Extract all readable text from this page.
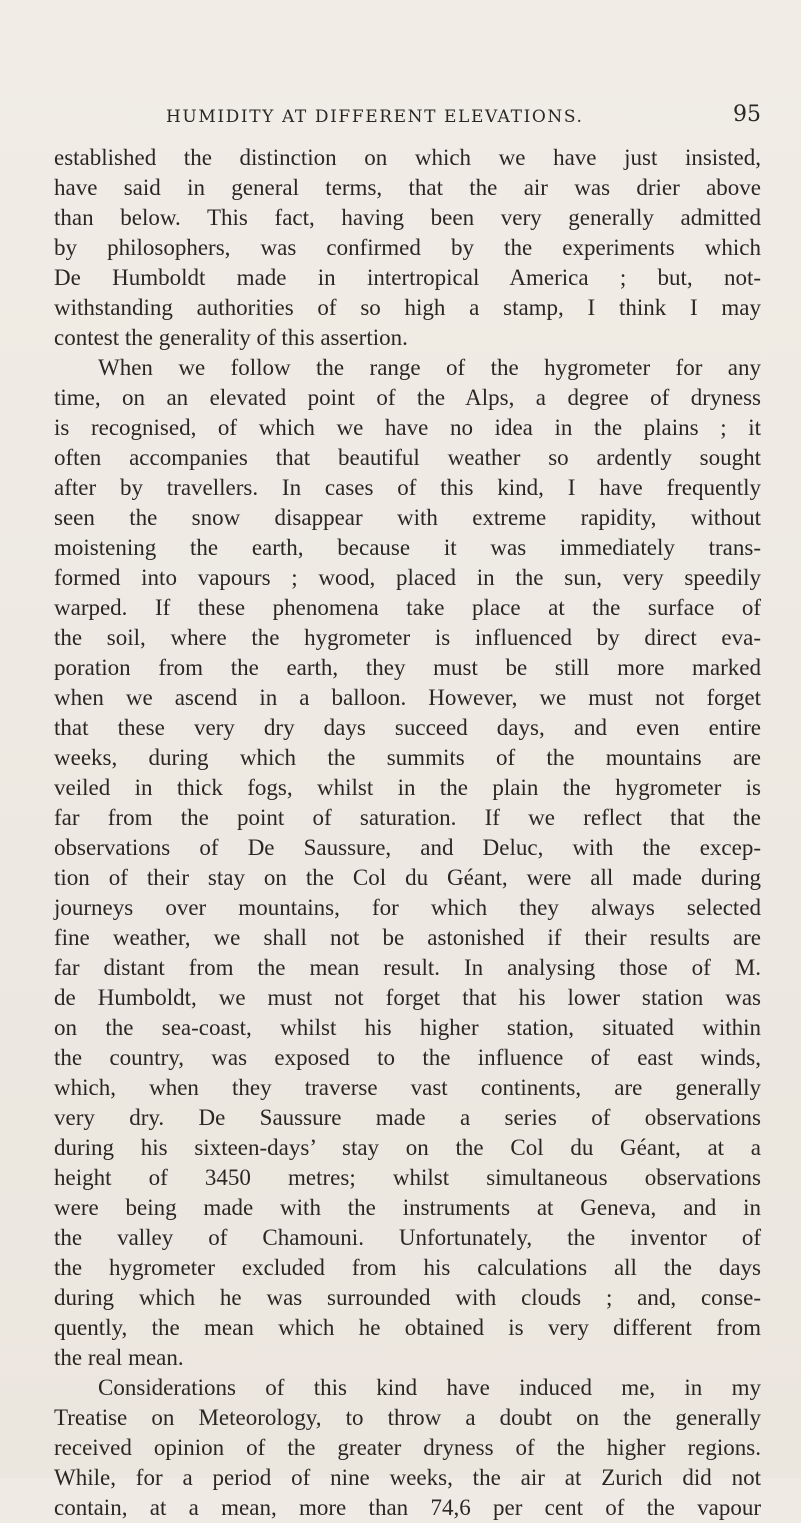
HUMIDITY AT DIFFERENT ELEVATIONS.	95
established the distinction on which we have just insisted,
have said in general terms, that the air was drier above
than below. This fact, having been very generally admitted
by philosophers, was confirmed by the experiments which
De Humboldt made in intertropical America ; but, not-
withstanding authorities of so high a stamp, I think I may
contest the generality of this assertion.
When we follow the range of the hygrometer for any
time, on an elevated point of the Alps, a degree of dryness
is recognised, of which we have no idea in the plains ; it
often accompanies that beautiful weather so ardently sought
after by travellers. In cases of this kind, I have frequently
seen the snow disappear with extreme rapidity, without
moistening the earth, because it was immediately trans-
formed into vapours ; wood, placed in the sun, very speedily
warped. If these phenomena take place at the surface of
the soil, where the hygrometer is influenced by direct eva-
poration from the earth, they must be still more marked
when we ascend in a balloon. However, we must not forget
that these very dry days succeed days, and even entire
weeks, during which the summits of the mountains are
veiled in thick fogs, whilst in the plain the hygrometer is
far from the point of saturation. If we reflect that the
observations of De Saussure, and Deluc, with the excep-
tion of their stay on the Col du Géant, were all made during
journeys over mountains, for which they always selected
fine weather, we shall not be astonished if their results are
far distant from the mean result. In analysing those of M.
de Humboldt, we must not forget that his lower station was
on the sea-coast, whilst his higher station, situated within
the country, was exposed to the influence of east winds,
which, when they traverse vast continents, are generally
very dry. De Saussure made a series of observations
during his sixteen-days’ stay on the Col du Géant, at a
height of 3450 metres; whilst simultaneous observations
were being made with the instruments at Geneva, and in
the valley of Chamouni. Unfortunately, the inventor of
the hygrometer excluded from his calculations all the days
during which he was surrounded with clouds ; and, conse-
quently, the mean which he obtained is very different from
the real mean.
Considerations of this kind have induced me, in my
Treatise on Meteorology, to throw a doubt on the generally
received opinion of the greater dryness of the higher regions.
While, for a period of nine weeks, the air at Zurich did not
contain, at a mean, more than 74,6 per cent of the vapour
